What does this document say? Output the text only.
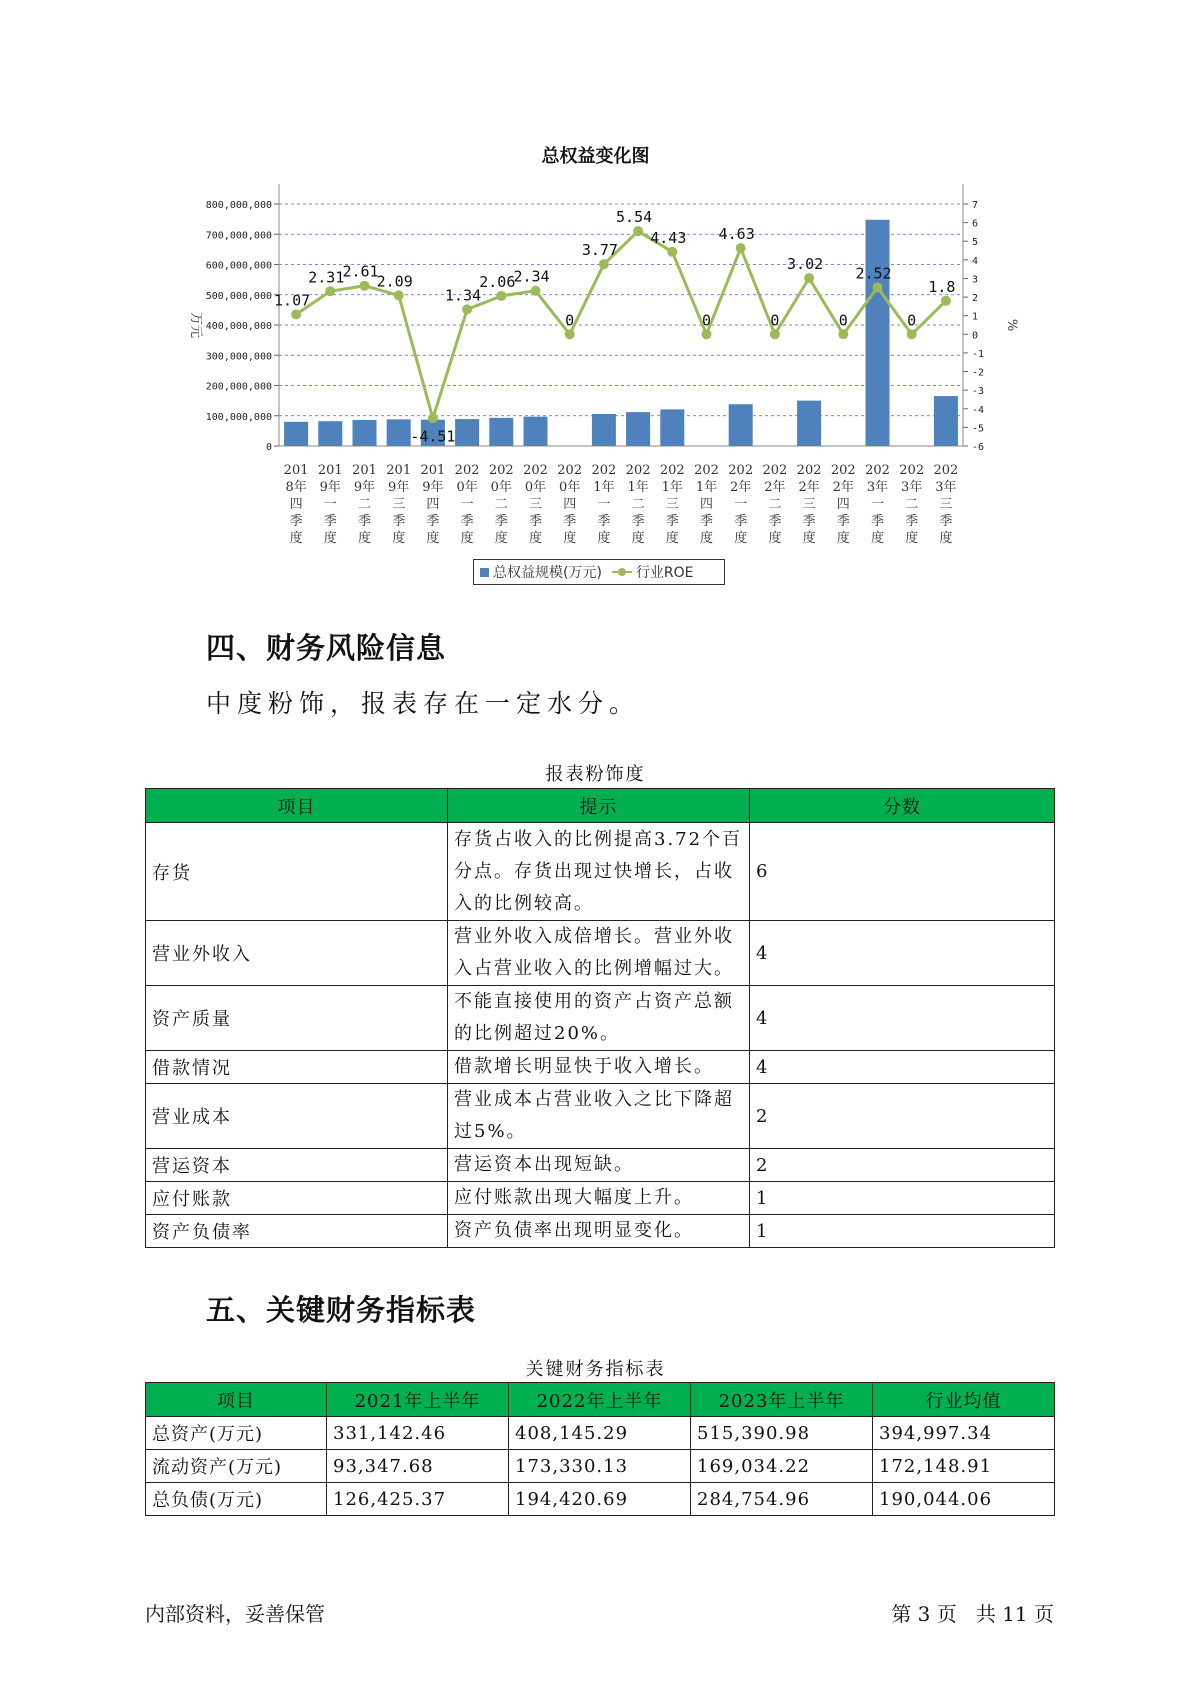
总权益变化图
0
100,000,000
200,000,000
300,000,000
400,000,000
500,000,000
600,000,000
700,000,000
800,000,000
-6
-5
-4
-3
-2
-1
0
1
2
3
4
5
6
7
万元	%
1.07
2.31
2.61
2.09
-4.51
1.34
2.06
2.34
0
3.77
5.54
4.43
0
4.63
0
3.02
0
2.52
0
1.8
201
8年
四
季
度
201
9年
一
季
度
201
9年
二
季
度
201
9年
三
季
度
201
9年
四
季
度
202
0年
一
季
度
202
0年
二
季
度
202
0年
三
季
度
202
0年
四
季
度
202
1年
一
季
度
202
1年
二
季
度
202
1年
三
季
度
202
1年
四
季
度
202
2年
一
季
度
202
2年
二
季
度
202
2年
三
季
度
202
2年
四
季
度
202
3年
一
季
度
202
3年
二
季
度
202
3年
三
季
度
总权益规模(万元) 行业ROE
四、财务风险信息

中度粉饰，报表存在一定水分。

报表粉饰度
项目	提示	分数
存货	存货占收入的比例提高3.72个百分点。存货出现过快增长，占收入的比例较高。	6
营业外收入	营业外收入成倍增长。营业外收入占营业收入的比例增幅过大。	4
资产质量	不能直接使用的资产占资产总额的比例超过20%。	4
借款情况	借款增长明显快于收入增长。	4
营业成本	营业成本占营业收入之比下降超过5%。	2
营运资本	营运资本出现短缺。	2
应付账款	应付账款出现大幅度上升。	1
资产负债率	资产负债率出现明显变化。	1
五、关键财务指标表
关键财务指标表
项目	2021年上半年	2022年上半年	2023年上半年	行业均值
总资产(万元)	331,142.46	408,145.29	515,390.98	394,997.34
流动资产(万元)	93,347.68	173,330.13	169,034.22	172,148.91
总负债(万元)	126,425.37	194,420.69	284,754.96	190,044.06
内部资料，妥善保管	第 3 页   共 11 页
